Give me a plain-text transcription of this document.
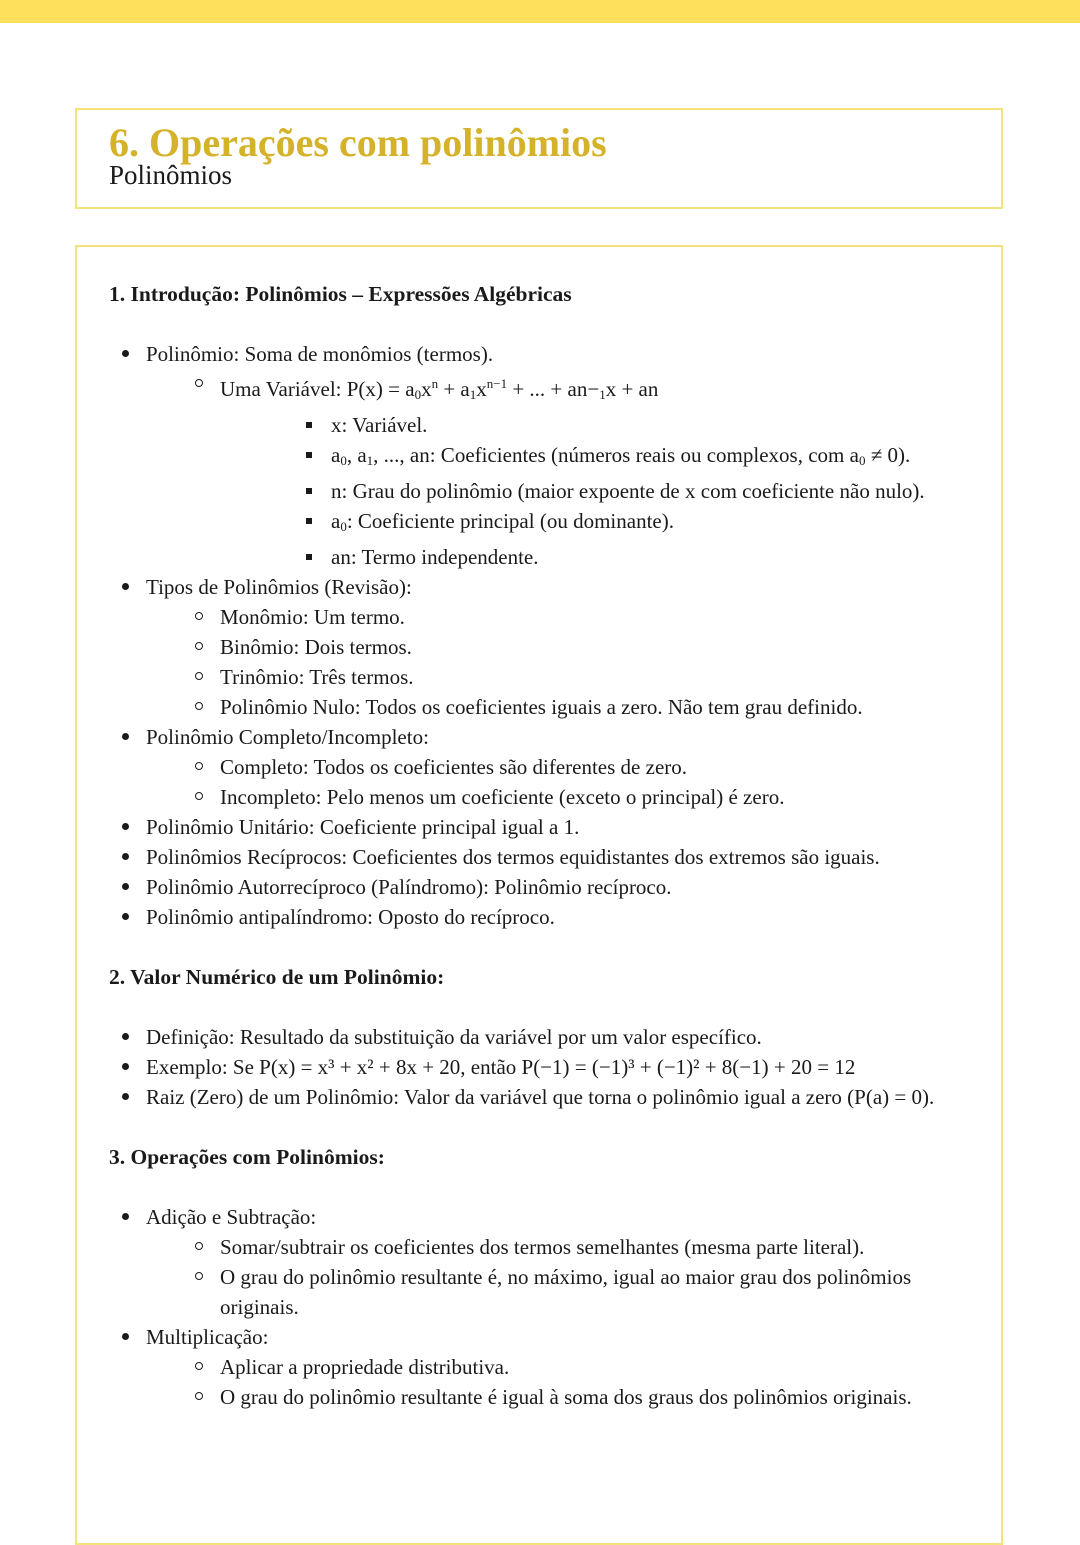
6. Operações com polinômios
Polinômios
1. Introdução: Polinômios – Expressões Algébricas
Polinômio: Soma de monômios (termos).
Uma Variável: $P(x) = a_0x^n + a_1x^{n-1}$ + ... + $an-_1x$ + an
x: Variável.
$a_0$, $a_1$, ..., an: Coeficientes (números reais ou complexos, com $a_0 \ne 0$).
n: Grau do polinômio (maior expoente de x com coeficiente não nulo).
$a_0$: Coeficiente principal (ou dominante).
an: Termo independente.
Tipos de Polinômios (Revisão):
Monômio: Um termo.
Binômio: Dois termos.
Trinômio: Três termos.
Polinômio Nulo: Todos os coeficientes iguais a zero. Não tem grau definido.
Polinômio Completo/Incompleto:
Completo: Todos os coeficientes são diferentes de zero.
Incompleto: Pelo menos um coeficiente (exceto o principal) é zero.
Polinômio Unitário: Coeficiente principal igual a 1.
Polinômios Recíprocos: Coeficientes dos termos equidistantes dos extremos são iguais.
Polinômio Autorrecíproco (Palíndromo): Polinômio recíproco.
Polinômio antipalíndromo: Oposto do recíproco.
2. Valor Numérico de um Polinômio:
Definição: Resultado da substituição da variável por um valor específico.
Exemplo: Se P(x) = x³ + x² + 8x + 20, então P(−1) = (−1)³ + (−1)² + 8(−1) + 20 = 12
Raiz (Zero) de um Polinômio: Valor da variável que torna o polinômio igual a zero (P(a) = 0).
3. Operações com Polinômios:
Adição e Subtração:
Somar/subtrair os coeficientes dos termos semelhantes (mesma parte literal).
O grau do polinômio resultante é, no máximo, igual ao maior grau dos polinômios originais.
Multiplicação:
Aplicar a propriedade distributiva.
O grau do polinômio resultante é igual à soma dos graus dos polinômios originais.
